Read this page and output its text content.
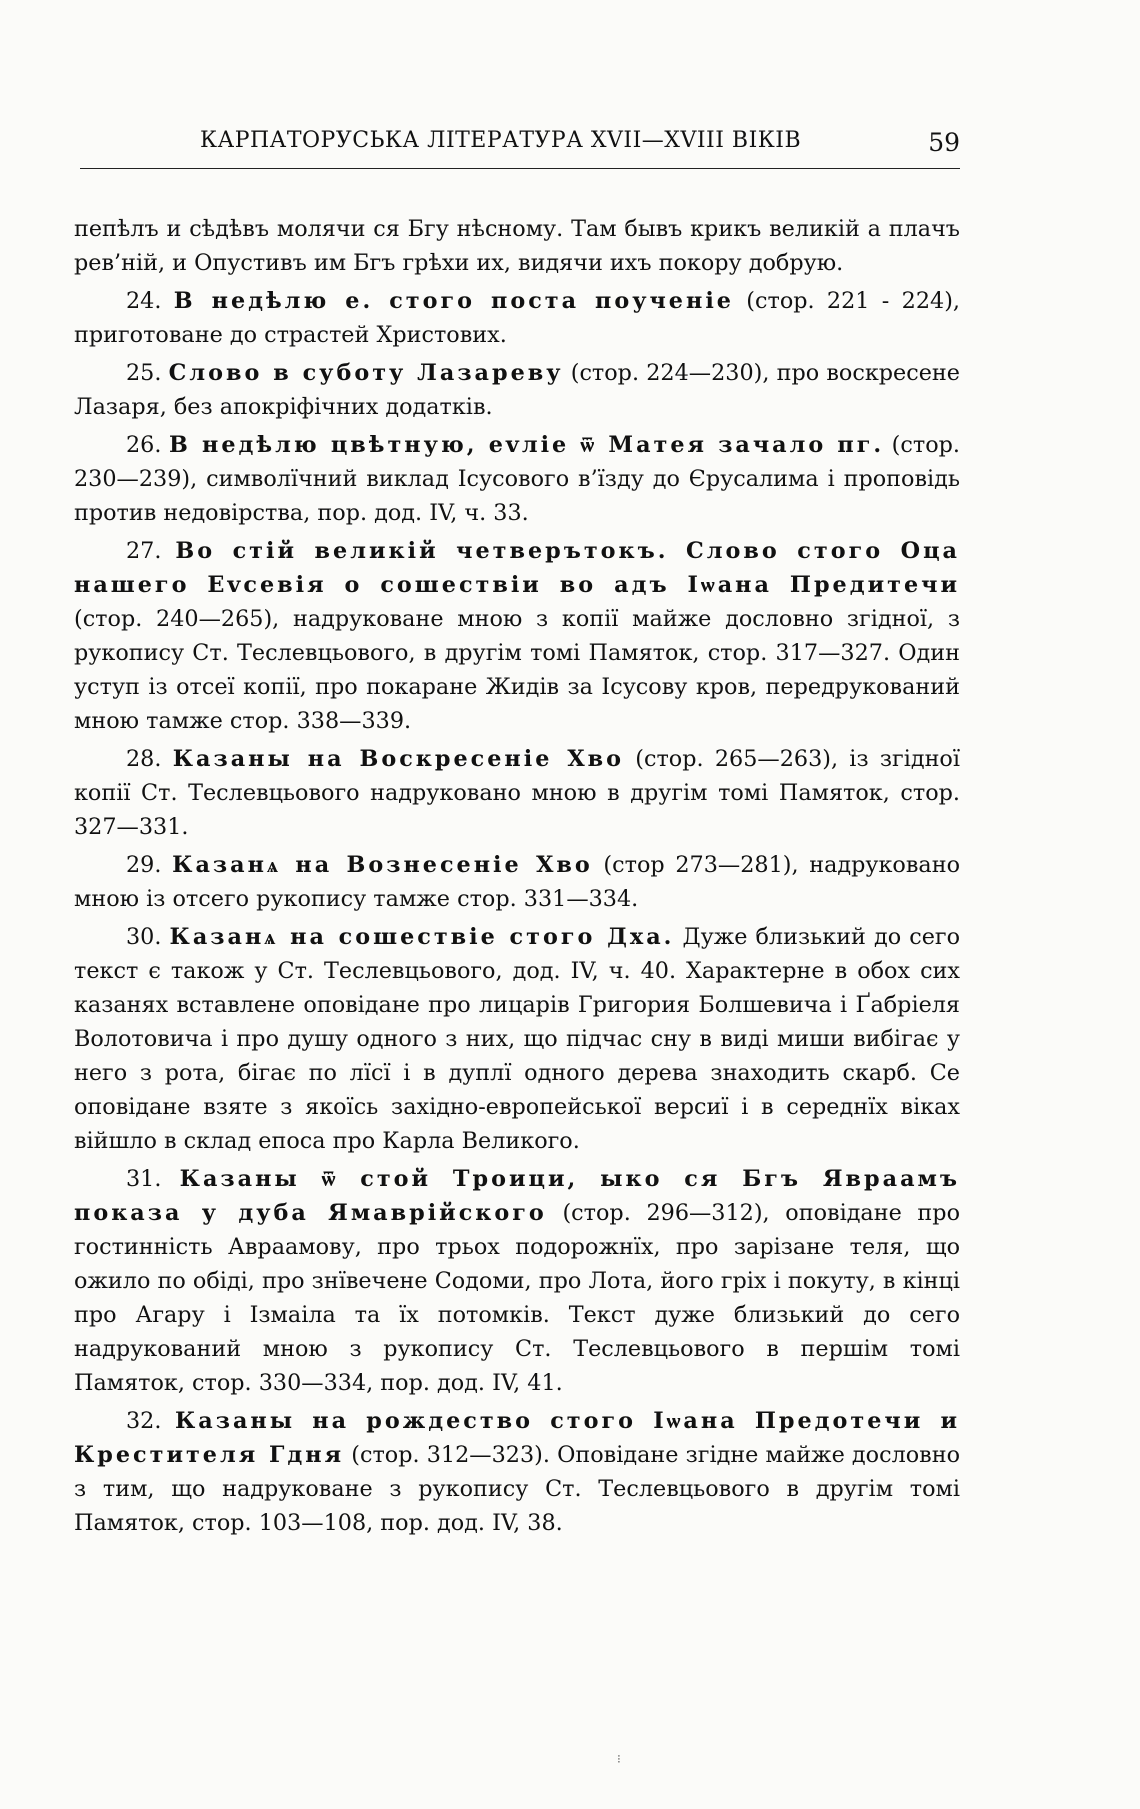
КАРПАТОРУСЬКА ЛІТЕРАТУРА XVII—XVIII ВІКІВ	59

пепѣлъ и сѣдѣвъ молячи ся Бгу нѣсному. Там бывъ крикъ великій а плачъ рев’ній, и Опустивъ им Бгъ грѣхи их, видячи ихъ покору добрую.

24. В недѣлю е. стого поста поученіе (стор. 221 - 224), приготоване до страстей Христових.

25. Слово в суботу Лазареву (стор. 224—230), про воскресене Лазаря, без апокріфічних додатків.

26. В недѣлю цвѣтную, еvліе ѿ Матея зачало пг. (стор. 230—239), символїчний виклад Ісусового в’їзду до Єрусалима і проповідь против недовірства, пор. дод. IV, ч. 33.

27. Во стій великій четверътокъ. Слово стого Оца нашего Еvсевія о сошествіи во адъ Іѡана Предитечи (стор. 240—265), надруковане мною з копії майже дословно згідної, з рукопису Ст. Теслевцьового, в другім томі Памяток, стор. 317—327. Один уступ із отсеї копії, про покаране Жидів за Ісусову кров, передрукований мною тамже стор. 338—339.

28. Казаны на Воскресеніе Хво (стор. 265—263), із згідної копії Ст. Теслевцьового надруковано мною в другім томі Памяток, стор. 327—331.

29. Казанѧ на Вознесеніе Хво (стор 273—281), надруковано мною із отсего рукопису тамже стор. 331—334.

30. Казанѧ на сошествіе стого Дха. Дуже близький до сего текст є також у Ст. Теслевцьового, дод. IV, ч. 40. Характерне в обох сих казанях вставлене оповідане про лицарів Григория Болшевича і Ґабріеля Волотовича і про душу одного з них, що підчас сну в виді миши вибігає у него з рота, бігає по лїсї і в дуплї одного дерева знаходить скарб. Се оповідане взяте з якоїсь західно-европейської версиї і в середнїх віках війшло в склад епоса про Карла Великого.

31. Казаны ѿ стой Троици, ыко ся Бгъ Явраамъ показа у дуба Ямаврійского (стор. 296—312), оповідане про гостинність Авраамову, про трьох подорожнїх, про зарізане теля, що ожило по обіді, про знївечене Содоми, про Лота, його гріх і покуту, в кінці про Агару і Ізмаіла та їх потомків. Текст дуже близький до сего надрукований мною з рукопису Ст. Теслевцьового в першім томі Памяток, стор. 330—334, пор. дод. IV, 41.

32. Казаны на рождество стого Іѡана Предотечи и Крестителя Гдня (стор. 312—323). Оповідане згідне майже дословно з тим, що надруковане з рукопису Ст. Теслевцьового в другім томі Памяток, стор. 103—108, пор. дод. IV, 38.

⁝
